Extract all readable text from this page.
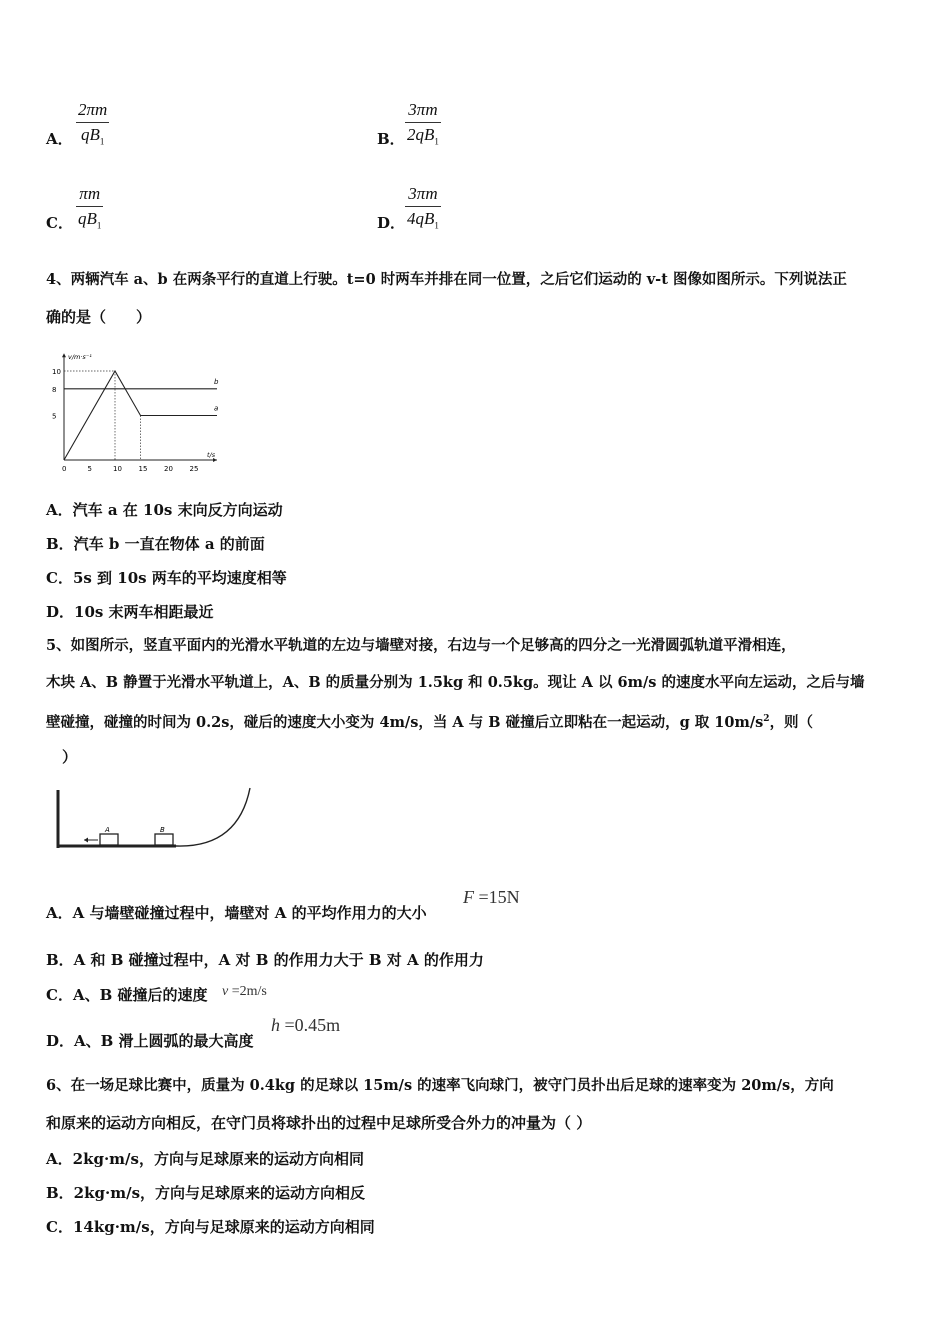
A．
2πm
$qB_1$	B．
3πm
$2qB_1$
C．
πm
$qB_1$	D．
3πm
$4qB_1$
4、两辆汽车 a、b 在两条平行的直道上行驶。t=0 时两车并排在同一位置，之后它们运动的 v-t 图像如图所示。下列说法正
确的是（　　）
v/m·s⁻¹
t/s
0	5	10 15 20 25
5
8
10
a
b
A．汽车 a 在 10s 末向反方向运动
B．汽车 b 一直在物体 a 的前面
C．5s 到 10s 两车的平均速度相等
D．10s 末两车相距最近
5、如图所示，竖直平面内的光滑水平轨道的左边与墙壁对接，右边与一个足够高的四分之一光滑圆弧轨道平滑相连，
木块 A、B 静置于光滑水平轨道上，A、B 的质量分别为 1.5kg 和 0.5kg。现让 A 以 6m/s 的速度水平向左运动，之后与墙
壁碰撞，碰撞的时间为 0.2s，碰后的速度大小变为 4m/s，当 A 与 B 碰撞后立即粘在一起运动，g 取 $10m/s^2$，则（
）
A	B
A．A 与墙壁碰撞过程中，墙壁对 A 的平均作用力的大小
F =15N
B．A 和 B 碰撞过程中，A 对 B 的作用力大于 B 对 A 的作用力
C．A、B 碰撞后的速度 v =2m/s
D．A、B 滑上圆弧的最大高度
h =0.45m
6、在一场足球比赛中，质量为 0.4kg 的足球以 15m/s 的速率飞向球门，被守门员扑出后足球的速率变为 20m/s，方向
和原来的运动方向相反，在守门员将球扑出的过程中足球所受合外力的冲量为（ ）
A．2kg·m/s，方向与足球原来的运动方向相同
B．2kg·m/s，方向与足球原来的运动方向相反
C．14kg·m/s，方向与足球原来的运动方向相同
